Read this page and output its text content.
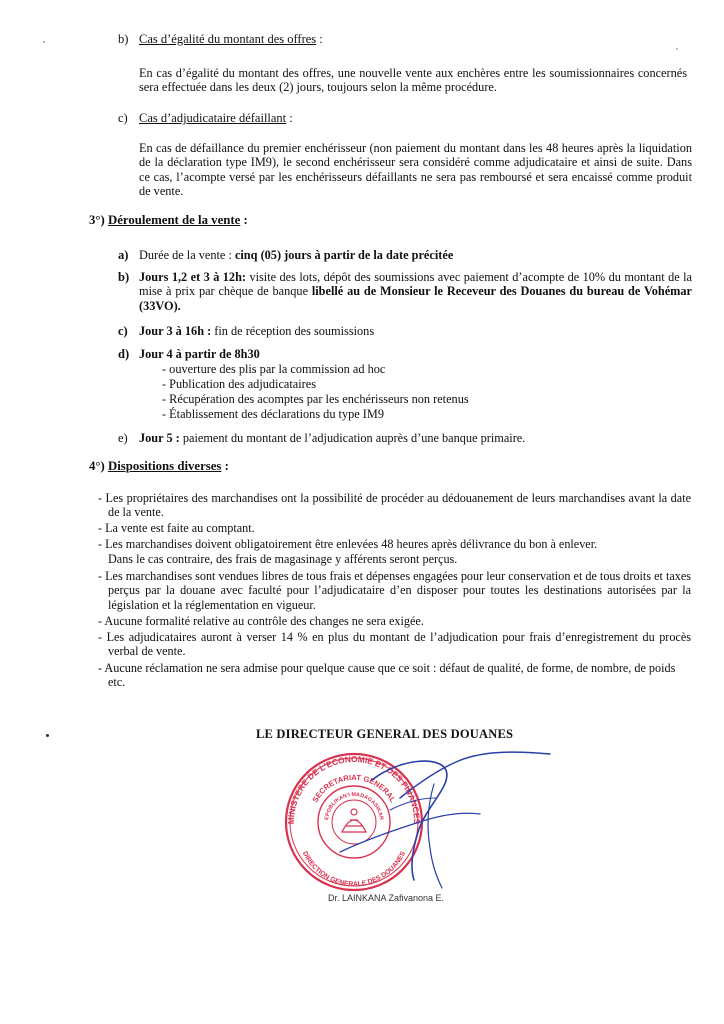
b) Cas d’égalité du montant des offres :
En cas d’égalité du montant des offres, une nouvelle vente aux enchères entre les soumissionnaires concernés sera effectuée dans les deux (2) jours, toujours selon la même procédure.
c) Cas d’adjudicataire défaillant :
En cas de défaillance du premier enchérisseur (non paiement du montant dans les 48 heures après la liquidation de la déclaration type IM9), le second enchérisseur sera considéré comme adjudicataire et ainsi de suite. Dans ce cas, l’acompte versé par les enchérisseurs défaillants ne sera pas remboursé et sera encaissé comme produit de vente.
3°) Déroulement de la vente :
a) Durée de la vente : cinq (05) jours à partir de la date précitée
b) Jours 1,2 et 3 à 12h: visite des lots, dépôt des soumissions avec paiement d’acompte de 10% du montant de la mise à prix par chèque de banque libellé au de Monsieur le Receveur des Douanes du bureau de Vohémar (33VO).
c) Jour 3 à 16h : fin de réception des soumissions
d) Jour 4 à partir de 8h30
- ouverture des plis par la commission ad hoc
- Publication des adjudicataires
- Récupération des acomptes par les enchérisseurs non retenus
- Établissement des déclarations du type IM9
e) Jour 5 : paiement du montant de l’adjudication auprès d’une banque primaire.
4°) Dispositions diverses :
- Les propriétaires des marchandises ont la possibilité de procéder au dédouanement de leurs marchandises avant la date de la vente.
- La vente est faite au comptant.
- Les marchandises doivent obligatoirement être enlevées 48 heures après délivrance du bon à enlever.
Dans le cas contraire, des frais de magasinage y afférents seront perçus.
- Les marchandises sont vendues libres de tous frais et dépenses engagées pour leur conservation et de tous droits et taxes perçus par la douane avec faculté pour l’adjudicataire d’en disposer pour toutes les destinations autorisées par la législation et la réglementation en vigueur.
- Aucune formalité relative au contrôle des changes ne sera exigée.
- Les adjudicataires auront à verser 14 % en plus du montant de l’adjudication pour frais d’enregistrement du procès verbal de vente.
- Aucune réclamation ne sera admise pour quelque cause que ce soit : défaut de qualité, de forme, de nombre, de poids etc.
LE DIRECTEUR GENERAL DES DOUANES
MINISTERE DE L'ECONOMIE ET DES FINANCES
SECRETARIAT GENERAL
EPOBLIKAN'I MADAGASIKAR
DIRECTION GENERALE DES DOUANES
Dr. LAINKANA Zafivanona E.
